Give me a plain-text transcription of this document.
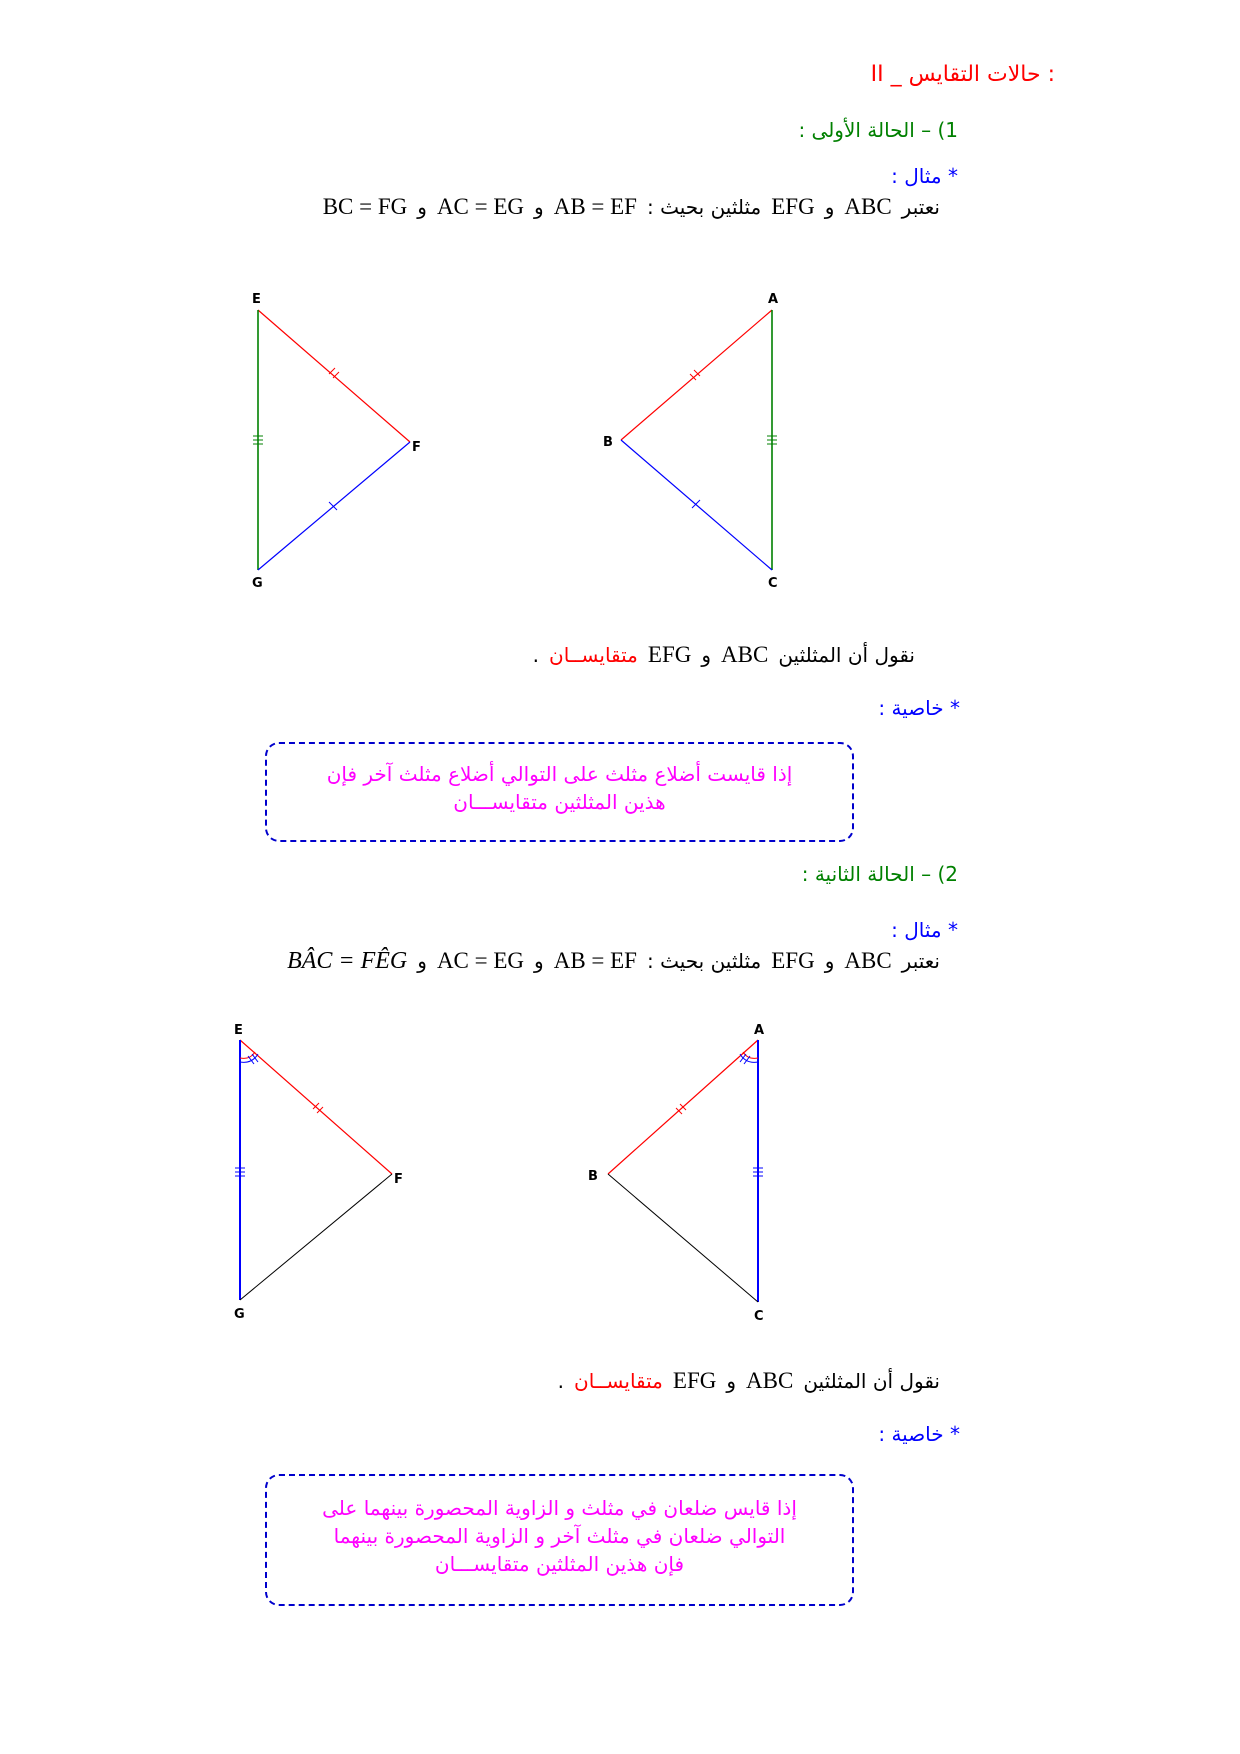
II _ حالات التقايس :
1) – الحالة الأولى :
* مثال :
نعتبر
ABC
و
EFG
مثلثين بحيث :
AB = EF
و
AC = EG
و
BC = FG
E
F
G
A
B
C
نقول أن المثلثين
ABC
و
EFG
متقايســان
.
* خاصية :
إذا قايست أضلاع مثلث على التوالي أضلاع مثلث آخر فإن
هذين المثلثين متقايســـان
2) – الحالة الثانية :
* مثال :
نعتبر
ABC
و
EFG
مثلثين بحيث :
AB = EF
و
AC = EG
و
BÂC = FÊG
E
F
G
A
B
C
نقول أن المثلثين
ABC
و
EFG
متقايســان
.
* خاصية :
إذا قايس ضلعان في مثلث و الزاوية المحصورة بينهما على
التوالي ضلعان في مثلث آخر و الزاوية المحصورة بينهما
فإن هذين المثلثين متقايســـان
